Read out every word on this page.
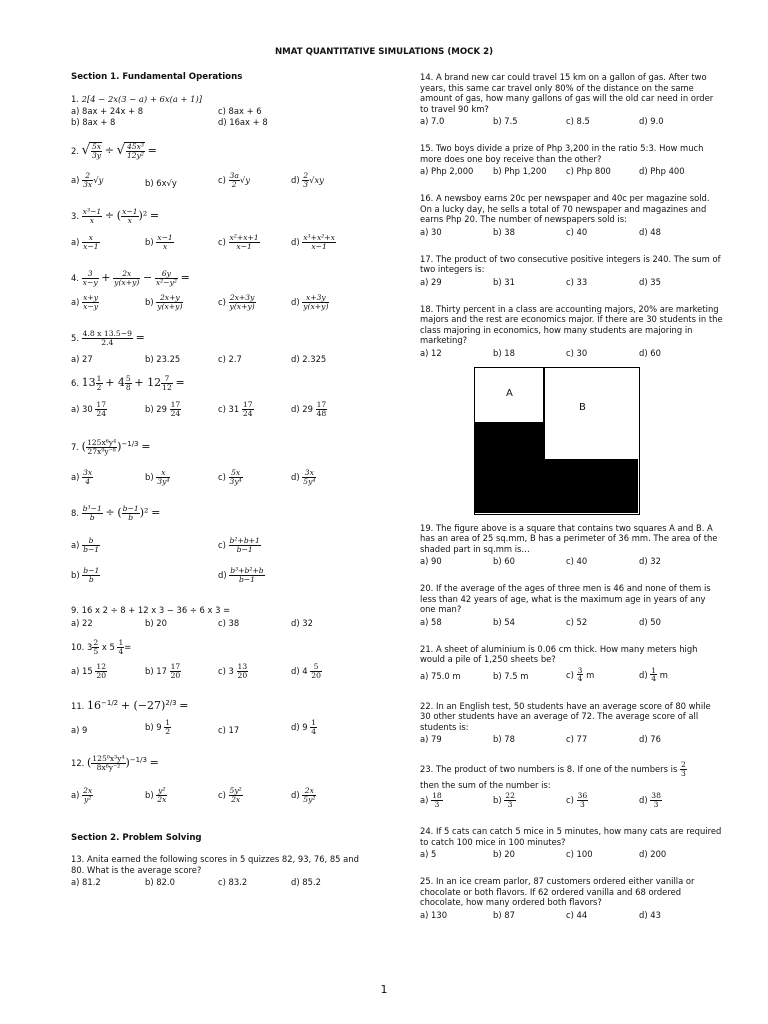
NMAT QUANTITATIVE SIMULATIONS (MOCK 2)
Section 1. Fundamental Operations
1. 2[4 − 2x(3 − a) + 6x(a + 1)]
a) 8ax + 24x + 8	c) 8ax + 6
b) 8ax + 8	d) 16ax + 8
2. √ $\frac{5x}{3y}$ ÷ √ $\frac{\text{45x³}}{\text{12y²}}$ =
$a) \frac{2}{3x} √y$	b) 6x√y	$c) \frac{3a}{2} √y$	$d) \frac{2}{3} √xy$
3. $\frac{\text{x³−1}}{x}$ ÷ ( $\frac{x-1}{x} )^2$ =
$a) \frac{x}{x-1}$	$b) \frac{x-1}{x}$	$c) \frac{\text{x²+x+1}}{x-1}$	$d) \frac{\text{x³+x²+x}}{x-1}$
4. $\frac{3}{x-y} + \frac{2x}{y(x+y)} - \frac{6y}{\text{x²−y²}}$ =
$a) \frac{x+y}{x-y}$	$b) \frac{2x+y}{y(x+y)}$	$c) \frac{2x+3y}{y(x+y)}$	$d) \frac{x+3y}{y(x+y)}$
5. $\frac{4.8 x 13.5-9}{2.4}$ =
a) 27	b) 23.25	c) 2.7	d) 2.325
6. $13 \frac{1}{2} + 4 \frac{5}{8} + 12 \frac{7}{12}$ =
a) $30 \frac{17}{24}$	b) $29 \frac{17}{24}$	c) $31 \frac{17}{24}$	d) $29 \frac{17}{48}$
7. ( $\frac{\text{125x⁶y⁴}}{\text{27x⁹y⁻⁸}} )^{-1/3}$ =
$a) \frac{3x}{4}$	$b) \frac{x}{\text{3y⁴}}$	$c) \frac{5x}{\text{3y⁴}}$	$d) \frac{3x}{\text{5y⁴}}$
8. $\frac{\text{b³−1}}{b}$ ÷ ( $\frac{b-1}{b} )^2$ =
$a) \frac{b}{b-1}$	$c) \frac{\text{b²+b+1}}{b-1}$
$b) \frac{b-1}{b}$	$d) \frac{\text{b³+b²+b}}{b-1}$
9. 16 x 2 ÷ 8 + 12 x 3 − 36 ÷ 6 x 3 =
a) 22	b) 20	c) 38	d) 32
10. $3 \frac{2}{5}$ x $5 \frac{1}{4}$ =
a) $15 \frac{12}{20}$	b) $17 \frac{17}{20}$	c) $3 \frac{13}{20}$	d) $4 \frac{5}{20}$
11. $16^{-1/2} + (-27)^{2/3}$ =
a) 9	b) $9 \frac{1}{2}$	c) 17	d) $9 \frac{1}{4}$
12. ( $\frac{\text{125⁰x³y⁴}}{\text{8x⁶y⁻²}} )^{-1/3}$ =
$a) \frac{2x}{\text{y²}}$	$b) \frac{\text{y²}}{2x}$	$c) \frac{\text{5y²}}{2x}$	$d) \frac{2x}{\text{5y²}}$
Section 2. Problem Solving
13. Anita earned the following scores in 5 quizzes 82, 93, 76, 85 and 80. What is the average score?
a) 81.2	b) 82.0	c) 83.2	d) 85.2
14. A brand new car could travel 15 km on a gallon of gas. After two years, this same car travel only 80% of the distance on the same amount of gas, how many gallons of gas will the old car need in order to travel 90 km?
a) 7.0	b) 7.5	c) 8.5	d) 9.0
15. Two boys divide a prize of Php 3,200 in the ratio 5:3. How much more does one boy receive than the other?
a) Php 2,000 b) Php 1,200 c) Php 800	d) Php 400
16. A newsboy earns 20c per newspaper and 40c per magazine sold. On a lucky day, he sells a total of 70 newspaper and magazines and earns Php 20. The number of newspapers sold is:
a) 30	b) 38	c) 40	d) 48
17. The product of two consecutive positive integers is 240. The sum of two integers is:
a) 29	b) 31	c) 33	d) 35
18. Thirty percent in a class are accounting majors, 20% are marketing majors and the rest are economics major. If there are 30 students in the class majoring in economics, how many students are majoring in marketing?
a) 12	b) 18	c) 30	d) 60
A
B
19. The figure above is a square that contains two squares A and B. A has an area of 25 sq.mm, B has a perimeter of 36 mm. The area of the shaded part in sq.mm is…
a) 90	b) 60	c) 40	d) 32
20. If the average of the ages of three men is 46 and none of them is less than 42 years of age, what is the maximum age in years of any one man?
a) 58	b) 54	c) 52	d) 50
21. A sheet of aluminium is 0.06 cm thick. How many meters high would a pile of 1,250 sheets be?
a) 75.0 m	b) 7.5 m	$c) \frac{3}{4}$ m	$d) \frac{1}{4}$ m
22. In an English test, 50 students have an average score of 80 while 30 other students have an average of 72. The average score of all students is:
a) 79	b) 78	c) 77	d) 76
23. The product of two numbers is 8. If one of the numbers is $\frac{2}{3}$
then the sum of the number is:
$a) \frac{18}{3}$	$b) \frac{22}{3}$	$c) \frac{36}{3}$	$d) \frac{38}{3}$
24. If 5 cats can catch 5 mice in 5 minutes, how many cats are required to catch 100 mice in 100 minutes?
a) 5	b) 20	c) 100	d) 200
25. In an ice cream parlor, 87 customers ordered either vanilla or chocolate or both flavors. If 62 ordered vanilla and 68 ordered chocolate, how many ordered both flavors?
a) 130	b) 87	c) 44	d) 43
1
